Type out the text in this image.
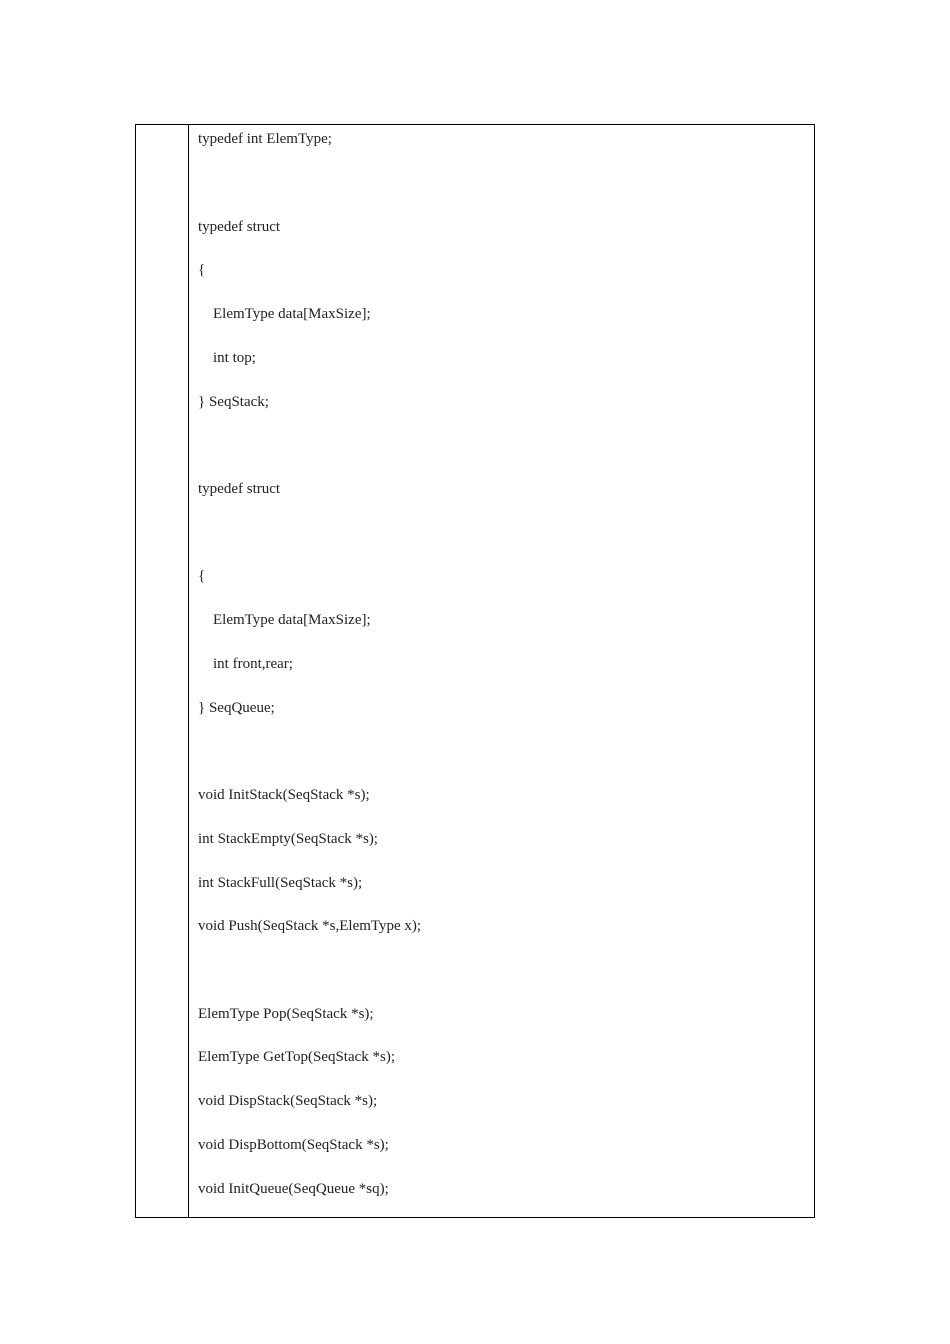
typedef int ElemType;
typedef struct
{
ElemType data[MaxSize];
int top;
} SeqStack;
typedef struct
{
ElemType data[MaxSize];
int front,rear;
} SeqQueue;
void InitStack(SeqStack *s);
int StackEmpty(SeqStack *s);
int StackFull(SeqStack *s);
void Push(SeqStack *s,ElemType x);
ElemType Pop(SeqStack *s);
ElemType GetTop(SeqStack *s);
void DispStack(SeqStack *s);
void DispBottom(SeqStack *s);
void InitQueue(SeqQueue *sq);
